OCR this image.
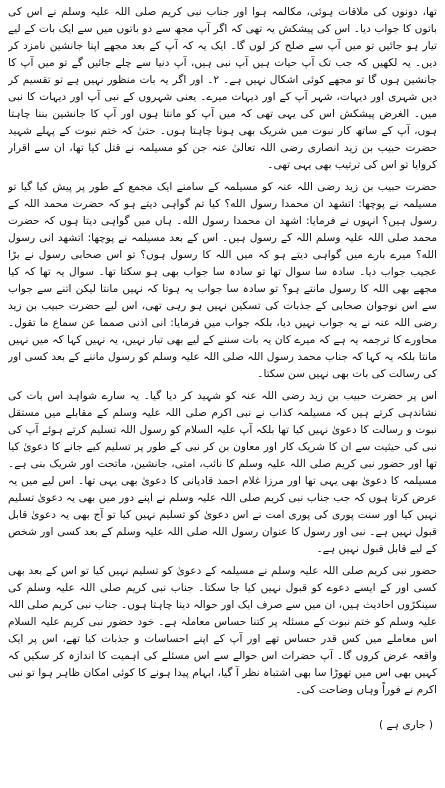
تھا، دونوں کی ملاقات ہوئی، مکالمہ ہوا اور جناب نبی کریم صلی اللہ علیہ وسلم نے اس کی باتوں کا جواب دیا۔ اس کی پیشکش یہ تھی کہ اگر آپ مجھ سے دو باتوں میں سے ایک بات کے لیے تیار ہو جائیں تو میں آپ سے صلح کر لوں گا۔ ایک یہ کہ آپ کے بعد مجھے اپنا جانشین نامزد کر دیں۔ یہ لکھیں کہ جب تک آپ حیات ہیں آپ نبی ہیں، آپ دنیا سے چلے جائیں گے تو میں آپ کا جانشین ہوں گا تو مجھے کوئی اشکال نہیں ہے۔ ۲۔ اور اگر یہ بات منظور نہیں ہے تو تقسیم کر دیں شہری اور دیہات، شہر آپ کے اور دیہات میرے۔ یعنی شہروں کے نبی آپ اور دیہات کا نبی میں۔ الغرض پیشکش اس کی یہی تھی کہ میں آپ کو مانتا ہوں اور آپ کا جانشین بننا چاہتا ہوں، آپ کے ساتھ کار نبوت میں شریک بھی ہونا چاہتا ہوں۔ حتیٰ کہ ختم نبوت کے پہلے شہید حضرت حبیب بن زید انصاری رضی اللہ تعالیٰ عنہ جن کو مسیلمہ نے قتل کیا تھا، ان سے اقرار کروایا تو اس کی ترتیب بھی یہی تھی۔

حضرت حبیب بن زید رضی اللہ عنہ کو مسیلمہ کے سامنے ایک مجمع کے طور پر پیش کیا گیا تو مسیلمہ نے پوچھا: اتشهد ان محمدا رسول الله؟ کیا تم گواہی دیتے ہو کہ حضرت محمد اللہ کے رسول ہیں؟ انہوں نے فرمایا: اشهد ان محمدا رسول الله۔ ہاں میں گواہی دیتا ہوں کہ حضرت محمد صلی اللہ علیہ وسلم اللہ کے رسول ہیں۔ اس کے بعد مسیلمہ نے پوچھا: اتشهد انی رسول الله؟ میرے بارے میں گواہی دیتے ہو کہ میں اللہ کا رسول ہوں؟ تو اس صحابی رسول نے بڑا عجیب جواب دیا۔ سادہ سا سوال تھا تو سادہ سا جواب بھی ہو سکتا تھا۔ سوال یہ تھا کہ کیا مجھے بھی اللہ کا رسول مانتے ہو؟ تو سادہ سا جواب یہ ہوتا کہ نہیں مانتا لیکن اتنے سے جواب سے اس نوجوان صحابی کے جذبات کی تسکین نہیں ہو رہی تھی، اس لیے حضرت حبیب بن زید رضی اللہ عنہ نے یہ جواب نہیں دیا، بلکہ جواب میں فرمایا: انی اذنی صمما عن سماع ما تقول۔ محاورے کا ترجمہ یہ ہے کہ میرے کان یہ بات سننے کے لیے بھی تیار نہیں، یہ نہیں کہا کہ میں نہیں مانتا بلکہ یہ کہا کہ جناب محمد رسول اللہ صلی اللہ علیہ وسلم کو رسول ماننے کے بعد کسی اور کی رسالت کی بات بھی نہیں سن سکتا۔

اس پر حضرت حبیب بن زید رضی اللہ عنہ کو شہید کر دیا گیا۔ یہ سارے شواہد اس بات کی نشاندہی کرتے ہیں کہ مسیلمہ کذاب نے نبی اکرم صلی اللہ علیہ وسلم کے مقابلے میں مستقل نبوت و رسالت کا دعویٰ نہیں کیا تھا بلکہ آپ علیہ السلام کو رسول اللہ تسلیم کرتے ہوئے آپ کی نبی کی حیثیت سے ان کا شریک کار اور معاون بن کر نبی کے طور پر تسلیم کیے جانے کا دعویٰ کیا تھا اور حضور نبی کریم صلی اللہ علیہ وسلم کا نائب، امتی، جانشین، ماتحت اور شریک بنی ہے۔ مسیلمہ کا دعویٰ بھی یہی تھا اور مرزا غلام احمد قادیانی کا دعویٰ بھی یہی تھا۔ اس لیے میں یہ عرض کرتا ہوں کہ جب جناب نبی کریم صلی اللہ علیہ وسلم نے اپنے دور میں بھی یہ دعویٰ تسلیم نہیں کیا اور سنت پوری کی پوری امت نے اس دعویٰ کو تسلیم نہیں کیا تو آج بھی یہ دعویٰ قابل قبول نہیں ہے۔ نبی اور رسول کا عنوان رسول اللہ صلی اللہ علیہ وسلم کے بعد کسی اور شخص کے لیے قابل قبول نہیں ہے۔

حضور نبی کریم صلی اللہ علیہ وسلم نے مسیلمہ کے دعویٰ کو تسلیم نہیں کیا تو اس کے بعد بھی کسی اور کے ایسے دعوے کو قبول نہیں کیا جا سکتا۔ جناب نبی کریم صلی اللہ علیہ وسلم کی سینکڑوں احادیث ہیں، ان میں سے صرف ایک اور حوالہ دینا چاہتا ہوں۔ جناب نبی کریم صلی اللہ علیہ وسلم کو ختم نبوت کے مسئلہ پر کتنا حساس معاملہ ہے۔ خود حضور نبی کریم علیہ السلام اس معاملے میں کس قدر حساس تھے اور آپ کے اپنے احساسات و جذبات کیا تھے، اس پر ایک واقعہ عرض کروں گا۔ آپ حضرات اس حوالے سے اس مسئلے کی اہمیت کا اندازہ کر سکیں کہ کہیں بھی اس میں تھوڑا سا بھی اشتباہ نظر آ گیا، ابہام پیدا ہونے کا کوئی امکان ظاہر ہوا تو نبی اکرم نے فوراً وہاں وضاحت کی۔

( جاری ہے )
